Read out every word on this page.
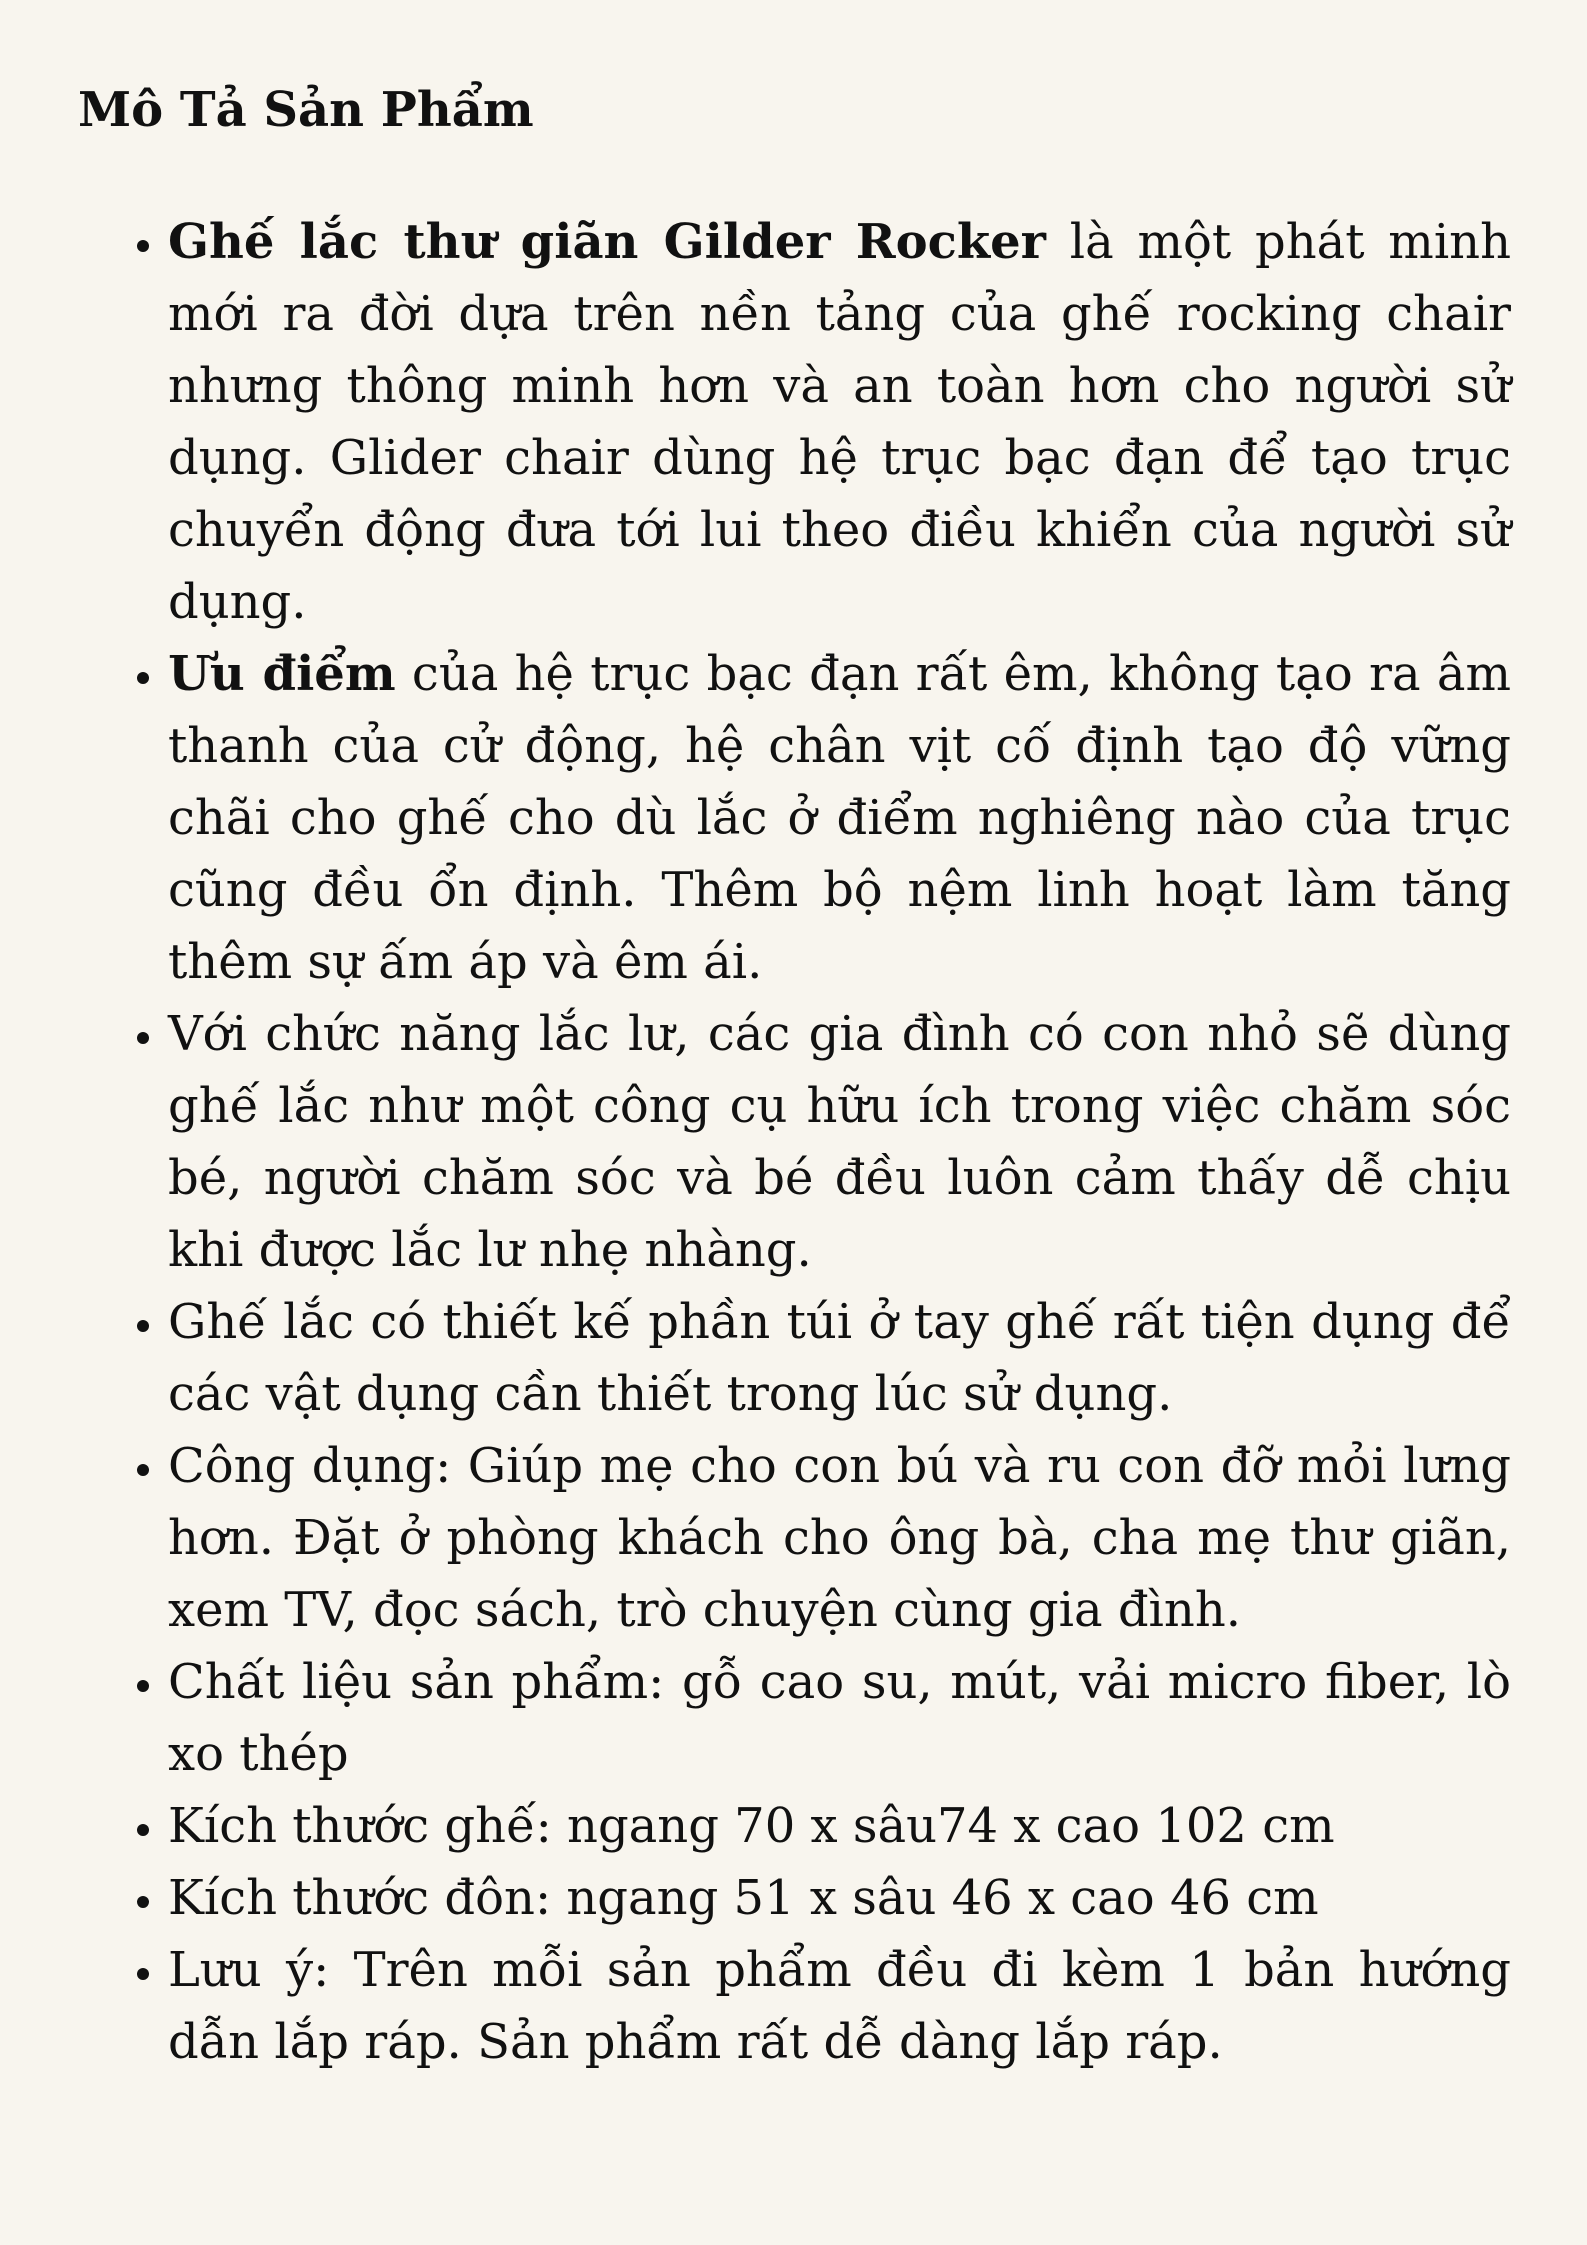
Mô Tả Sản Phẩm
• Ghế lắc thư giãn Gilder Rocker là một phát minh mới ra đời dựa trên nền tảng của ghế rocking chair nhưng thông minh hơn và an toàn hơn cho người sử dụng. Glider chair dùng hệ trục bạc đạn để tạo trục chuyển động đưa tới lui theo điều khiển của người sử dụng.
• Ưu điểm của hệ trục bạc đạn rất êm, không tạo ra âm thanh của cử động, hệ chân vịt cố định tạo độ vững chãi cho ghế cho dù lắc ở điểm nghiêng nào của trục cũng đều ổn định. Thêm bộ nệm linh hoạt làm tăng thêm sự ấm áp và êm ái.
• Với chức năng lắc lư, các gia đình có con nhỏ sẽ dùng ghế lắc như một công cụ hữu ích trong việc chăm sóc bé, người chăm sóc và bé đều luôn cảm thấy dễ chịu khi được lắc lư nhẹ nhàng.
• Ghế lắc có thiết kế phần túi ở tay ghế rất tiện dụng để các vật dụng cần thiết trong lúc sử dụng.
• Công dụng: Giúp mẹ cho con bú và ru con đỡ mỏi lưng hơn. Đặt ở phòng khách cho ông bà, cha mẹ thư giãn, xem TV, đọc sách, trò chuyện cùng gia đình.
• Chất liệu sản phẩm: gỗ cao su, mút, vải micro fiber, lò xo thép
• Kích thước ghế: ngang 70 x sâu74 x cao 102 cm
• Kích thước đôn: ngang 51 x sâu 46 x cao 46 cm
• Lưu ý: Trên mỗi sản phẩm đều đi kèm 1 bản hướng dẫn lắp ráp. Sản phẩm rất dễ dàng lắp ráp.
